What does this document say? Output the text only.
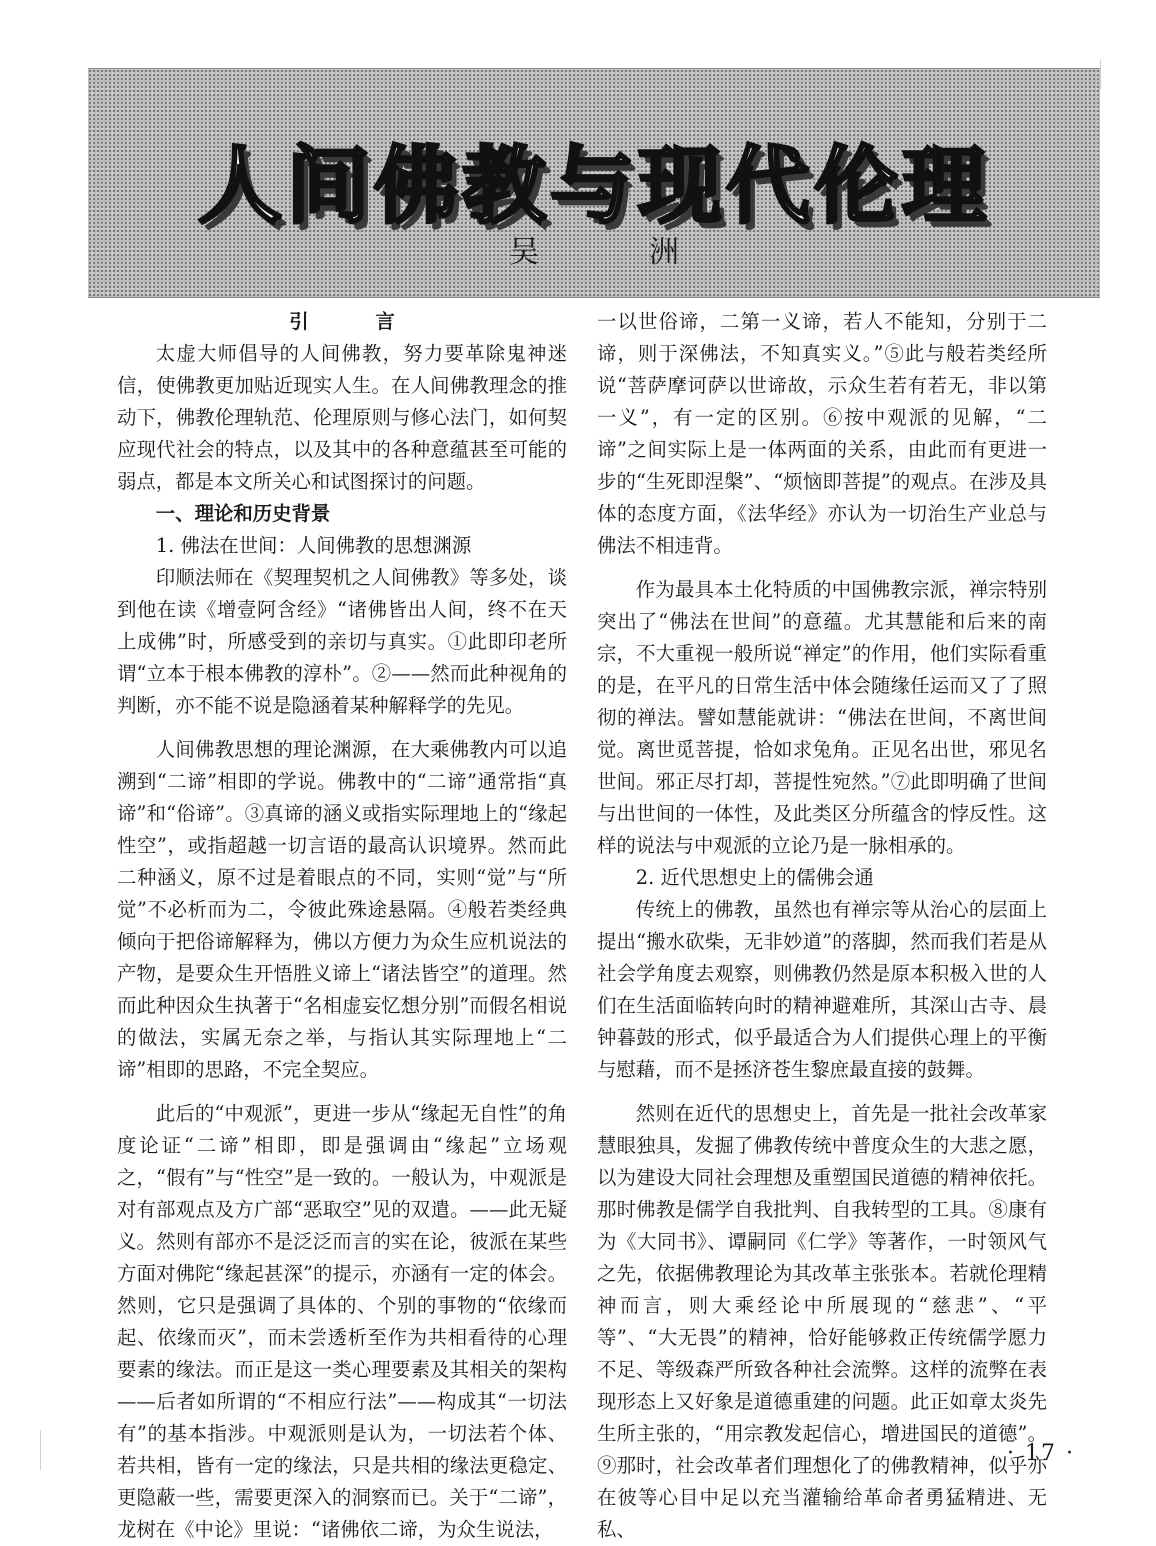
人间佛教与现代伦理
吴　洲

引 言

太虚大师倡导的人间佛教，努力要革除鬼神迷信，使佛教更加贴近现实人生。在人间佛教理念的推动下，佛教伦理轨范、伦理原则与修心法门，如何契应现代社会的特点，以及其中的各种意蕴甚至可能的弱点，都是本文所关心和试图探讨的问题。

一、理论和历史背景

1. 佛法在世间：人间佛教的思想渊源

印顺法师在《契理契机之人间佛教》等多处，谈到他在读《增壹阿含经》“诸佛皆出人间，终不在天上成佛”时，所感受到的亲切与真实。①此即印老所谓“立本于根本佛教的淳朴”。②——然而此种视角的判断，亦不能不说是隐涵着某种解释学的先见。

人间佛教思想的理论渊源，在大乘佛教内可以追溯到“二谛”相即的学说。佛教中的“二谛”通常指“真谛”和“俗谛”。③真谛的涵义或指实际理地上的“缘起性空”，或指超越一切言语的最高认识境界。然而此二种涵义，原不过是着眼点的不同，实则“觉”与“所觉”不必析而为二，令彼此殊途悬隔。④般若类经典倾向于把俗谛解释为，佛以方便力为众生应机说法的产物，是要众生开悟胜义谛上“诸法皆空”的道理。然而此种因众生执著于“名相虚妄忆想分别”而假名相说的做法，实属无奈之举，与指认其实际理地上“二谛”相即的思路，不完全契应。

此后的“中观派”，更进一步从“缘起无自性”的角度论证“二谛”相即，即是强调由“缘起”立场观之，“假有”与“性空”是一致的。一般认为，中观派是对有部观点及方广部“恶取空”见的双遣。——此无疑义。然则有部亦不是泛泛而言的实在论，彼派在某些方面对佛陀“缘起甚深”的提示，亦涵有一定的体会。然则，它只是强调了具体的、个别的事物的“依缘而起、依缘而灭”，而未尝透析至作为共相看待的心理要素的缘法。而正是这一类心理要素及其相关的架构——后者如所谓的“不相应行法”——构成其“一切法有”的基本指涉。中观派则是认为，一切法若个体、若共相，皆有一定的缘法，只是共相的缘法更稳定、更隐蔽一些，需要更深入的洞察而已。关于“二谛”，龙树在《中论》里说：“诸佛依二谛，为众生说法，

一以世俗谛，二第一义谛，若人不能知，分别于二谛，则于深佛法，不知真实义。”⑤此与般若类经所说“菩萨摩诃萨以世谛故，示众生若有若无，非以第一义”，有一定的区别。⑥按中观派的见解，“二谛”之间实际上是一体两面的关系，由此而有更进一步的“生死即涅槃”、“烦恼即菩提”的观点。在涉及具体的态度方面，《法华经》亦认为一切治生产业总与佛法不相违背。

作为最具本土化特质的中国佛教宗派，禅宗特别突出了“佛法在世间”的意蕴。尤其慧能和后来的南宗，不大重视一般所说“禅定”的作用，他们实际看重的是，在平凡的日常生活中体会随缘任运而又了了照彻的禅法。譬如慧能就讲：“佛法在世间，不离世间觉。离世觅菩提，恰如求兔角。正见名出世，邪见名世间。邪正尽打却，菩提性宛然。”⑦此即明确了世间与出世间的一体性，及此类区分所蕴含的悖反性。这样的说法与中观派的立论乃是一脉相承的。

2. 近代思想史上的儒佛会通

传统上的佛教，虽然也有禅宗等从治心的层面上提出“搬水砍柴，无非妙道”的落脚，然而我们若是从社会学角度去观察，则佛教仍然是原本积极入世的人们在生活面临转向时的精神避难所，其深山古寺、晨钟暮鼓的形式，似乎最适合为人们提供心理上的平衡与慰藉，而不是拯济苍生黎庶最直接的鼓舞。

然则在近代的思想史上，首先是一批社会改革家慧眼独具，发掘了佛教传统中普度众生的大悲之愿，以为建设大同社会理想及重塑国民道德的精神依托。那时佛教是儒学自我批判、自我转型的工具。⑧康有为《大同书》、谭嗣同《仁学》等著作，一时领风气之先，依据佛教理论为其改革主张张本。若就伦理精神而言，则大乘经论中所展现的“慈悲”、“平等”、“大无畏”的精神，恰好能够救正传统儒学愿力不足、等级森严所致各种社会流弊。这样的流弊在表现形态上又好象是道德重建的问题。此正如章太炎先生所主张的，“用宗教发起信心，增进国民的道德”。⑨那时，社会改革者们理想化了的佛教精神，似乎亦在彼等心目中足以充当灌输给革命者勇猛精进、无私、

· 17 ·
